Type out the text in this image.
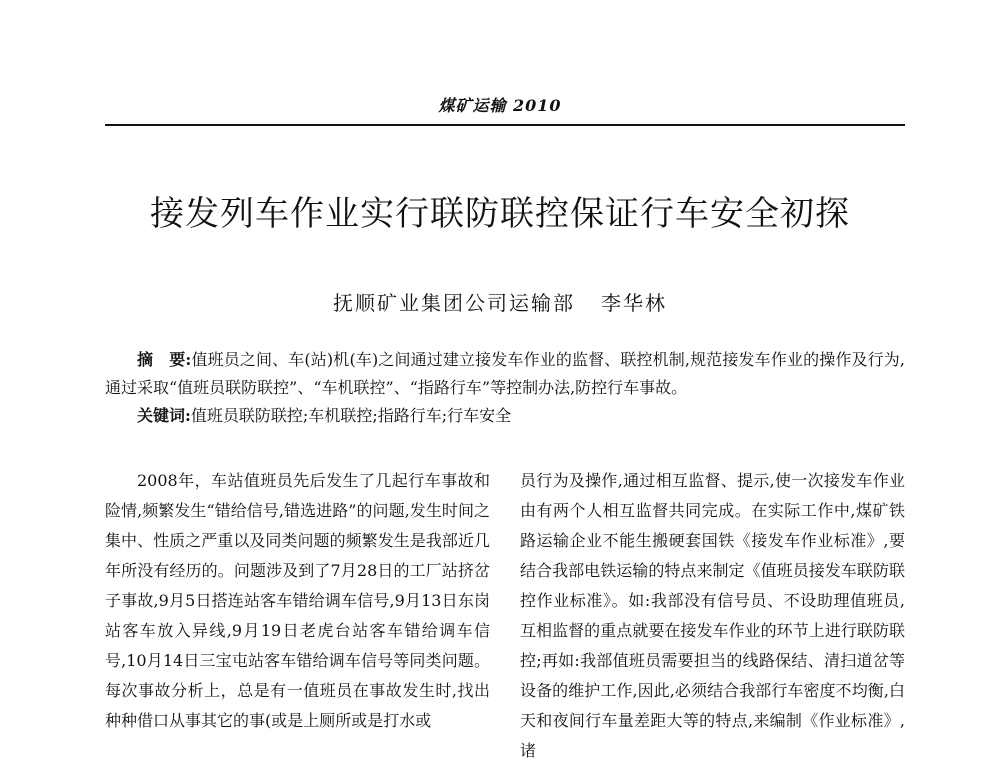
煤矿运输 2010
接发列车作业实行联防联控保证行车安全初探
抚顺矿业集团公司运输部 李华林

摘　要:值班员之间、车(站)机(车)之间通过建立接发车作业的监督、联控机制,规范接发车作业的操作及行为,通过采取“值班员联防联控”、“车机联控”、“指路行车”等控制办法,防控行车事故。

关键词:值班员联防联控;车机联控;指路行车;行车安全

2008年，车站值班员先后发生了几起行车事故和险情,频繁发生“错给信号,错选进路”的问题,发生时间之集中、性质之严重以及同类问题的频繁发生是我部近几年所没有经历的。问题涉及到了7月28日的工厂站挤岔子事故,9月5日搭连站客车错给调车信号,9月13日东岗站客车放入异线,9月19日老虎台站客车错给调车信号,10月14日三宝屯站客车错给调车信号等同类问题。每次事故分析上，总是有一值班员在事故发生时,找出种种借口从事其它的事(或是上厕所或是打水或

员行为及操作,通过相互监督、提示,使一次接发车作业由有两个人相互监督共同完成。在实际工作中,煤矿铁路运输企业不能生搬硬套国铁《接发车作业标准》,要结合我部电铁运输的特点来制定《值班员接发车联防联控作业标准》。如:我部没有信号员、不设助理值班员,互相监督的重点就要在接发车作业的环节上进行联防联控;再如:我部值班员需要担当的线路保结、清扫道岔等设备的维护工作,因此,必须结合我部行车密度不均衡,白天和夜间行车量差距大等的特点,来编制《作业标准》,诸
